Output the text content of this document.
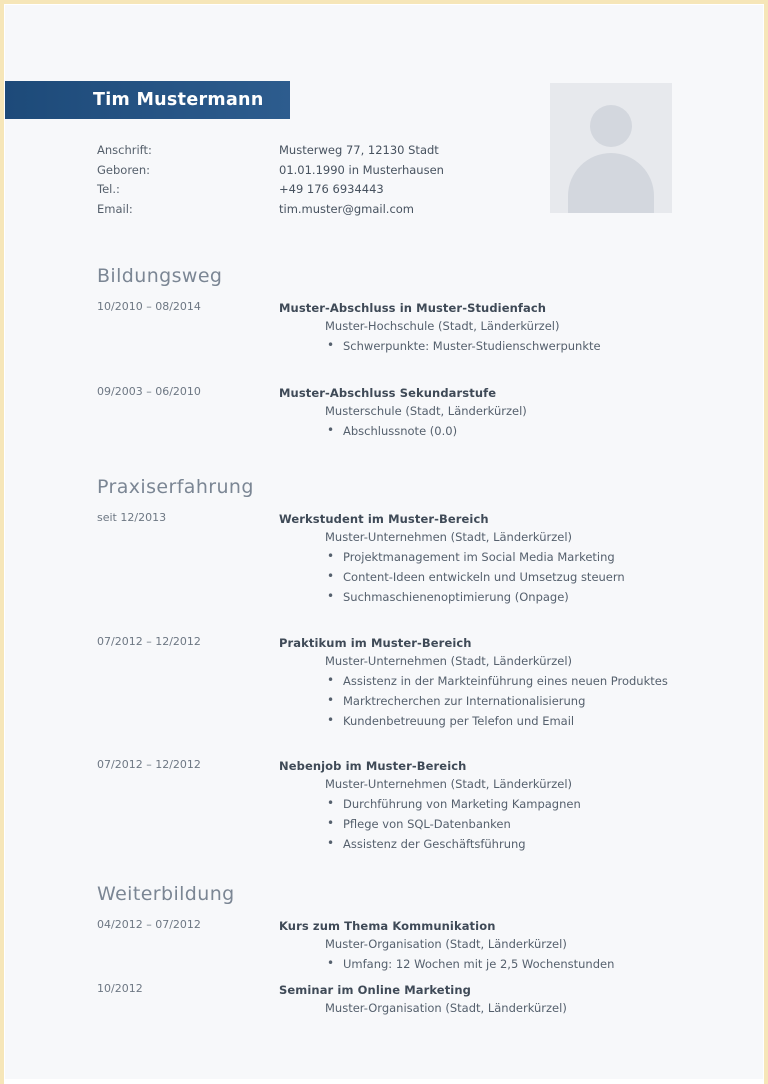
Tim Mustermann
Anschrift:	Musterweg 77, 12130 Stadt
Geboren:	01.01.1990 in Musterhausen
Tel.:	+49 176 6934443
Email:	tim.muster@gmail.com
Bildungsweg
10/2010 – 08/2014	Muster-Abschluss in Muster-Studienfach
Muster-Hochschule (Stadt, Länderkürzel)
• Schwerpunkte: Muster-Studienschwerpunkte
09/2003 – 06/2010	Muster-Abschluss Sekundarstufe
Musterschule (Stadt, Länderkürzel)
• Abschlussnote (0.0)
Praxiserfahrung
seit 12/2013	Werkstudent im Muster-Bereich
Muster-Unternehmen (Stadt, Länderkürzel)
• Projektmanagement im Social Media Marketing
• Content-Ideen entwickeln und Umsetzug steuern
• Suchmaschienenoptimierung (Onpage)
07/2012 – 12/2012	Praktikum im Muster-Bereich
Muster-Unternehmen (Stadt, Länderkürzel)
• Assistenz in der Markteinführung eines neuen Produktes
• Marktrecherchen zur Internationalisierung
• Kundenbetreuung per Telefon und Email
07/2012 – 12/2012	Nebenjob im Muster-Bereich
Muster-Unternehmen (Stadt, Länderkürzel)
• Durchführung von Marketing Kampagnen
• Pflege von SQL-Datenbanken
• Assistenz der Geschäftsführung
Weiterbildung
04/2012 – 07/2012	Kurs zum Thema Kommunikation
Muster-Organisation (Stadt, Länderkürzel)
• Umfang: 12 Wochen mit je 2,5 Wochenstunden
10/2012	Seminar im Online Marketing
Muster-Organisation (Stadt, Länderkürzel)
